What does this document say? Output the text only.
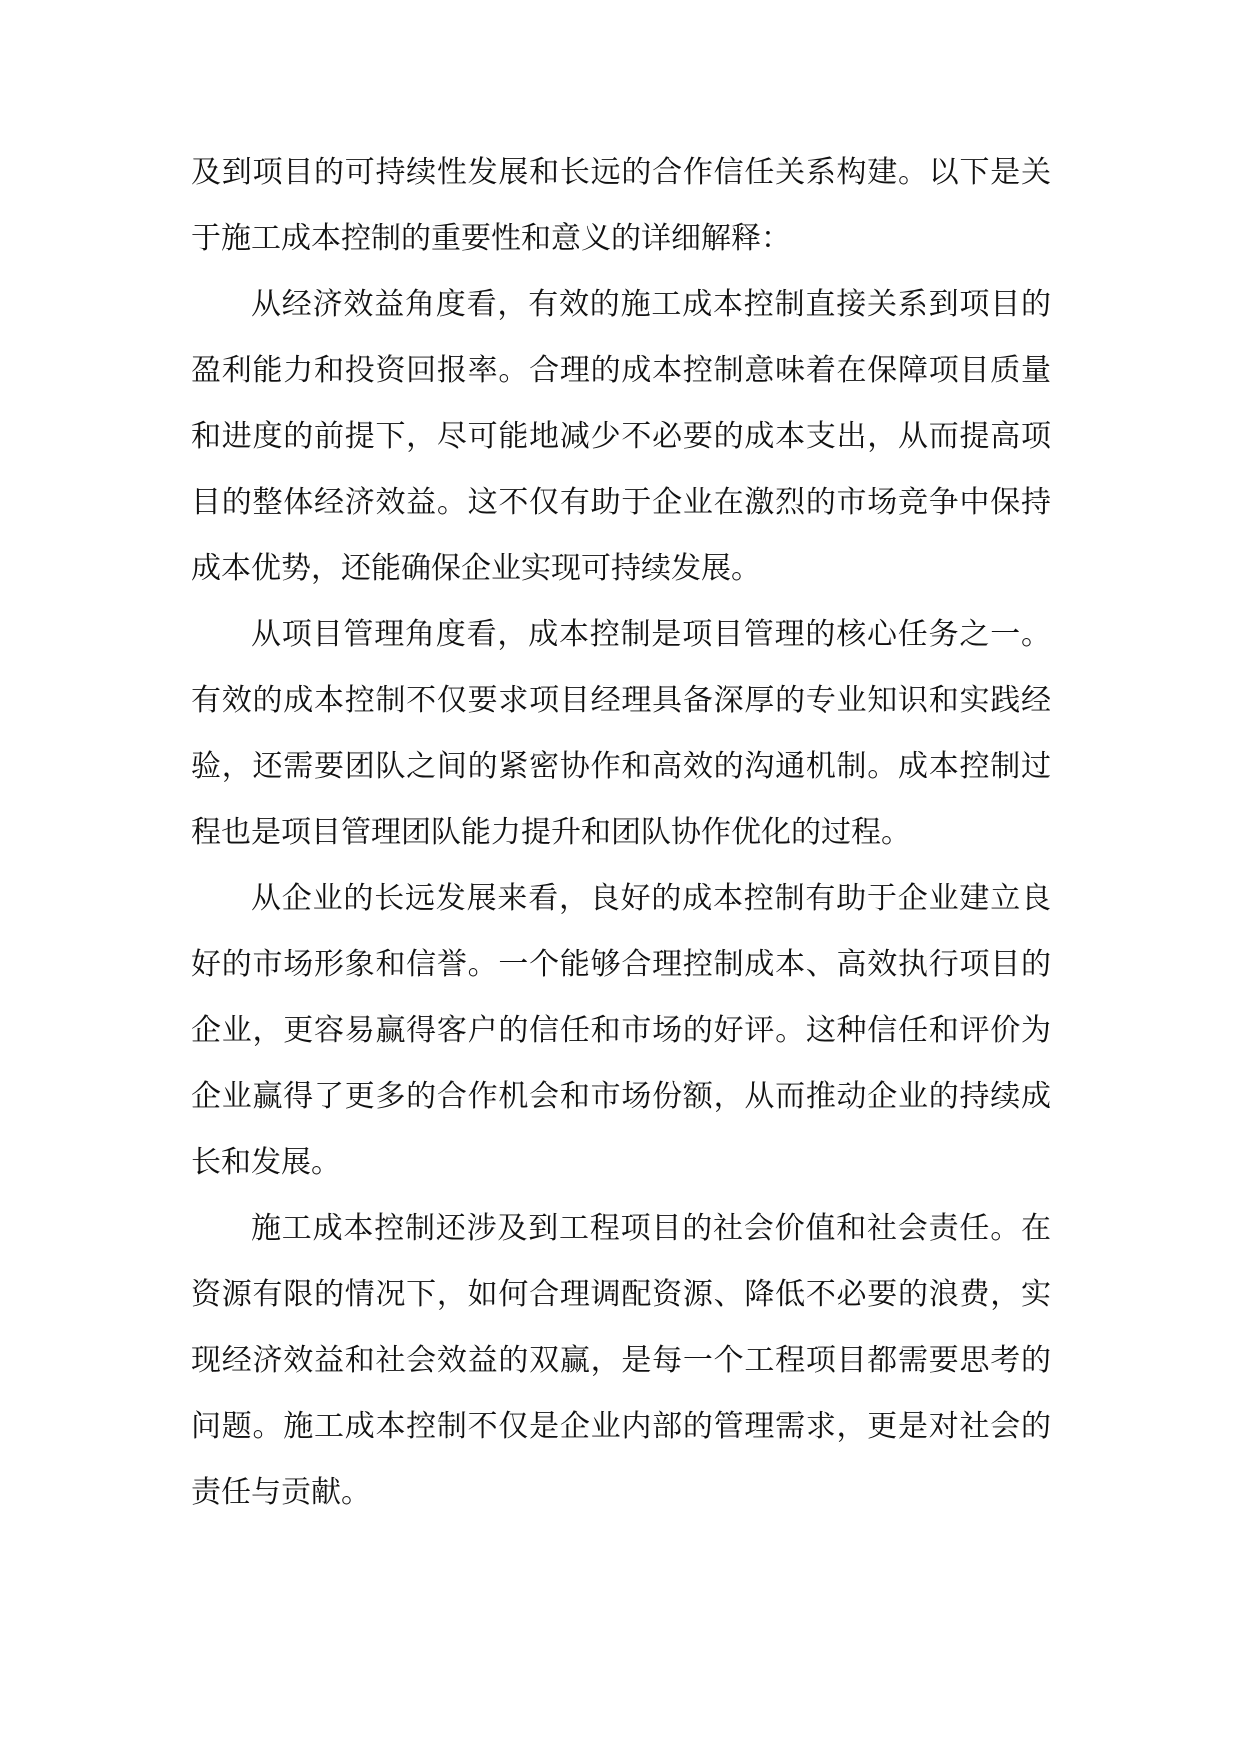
及到项目的可持续性发展和长远的合作信任关系构建。以下是关于施工成本控制的重要性和意义的详细解释：

从经济效益角度看，有效的施工成本控制直接关系到项目的盈利能力和投资回报率。合理的成本控制意味着在保障项目质量和进度的前提下，尽可能地减少不必要的成本支出，从而提高项目的整体经济效益。这不仅有助于企业在激烈的市场竞争中保持成本优势，还能确保企业实现可持续发展。

从项目管理角度看，成本控制是项目管理的核心任务之一。有效的成本控制不仅要求项目经理具备深厚的专业知识和实践经验，还需要团队之间的紧密协作和高效的沟通机制。成本控制过程也是项目管理团队能力提升和团队协作优化的过程。

从企业的长远发展来看，良好的成本控制有助于企业建立良好的市场形象和信誉。一个能够合理控制成本、高效执行项目的企业，更容易赢得客户的信任和市场的好评。这种信任和评价为企业赢得了更多的合作机会和市场份额，从而推动企业的持续成长和发展。

施工成本控制还涉及到工程项目的社会价值和社会责任。在资源有限的情况下，如何合理调配资源、降低不必要的浪费，实现经济效益和社会效益的双赢，是每一个工程项目都需要思考的问题。施工成本控制不仅是企业内部的管理需求，更是对社会的责任与贡献。
